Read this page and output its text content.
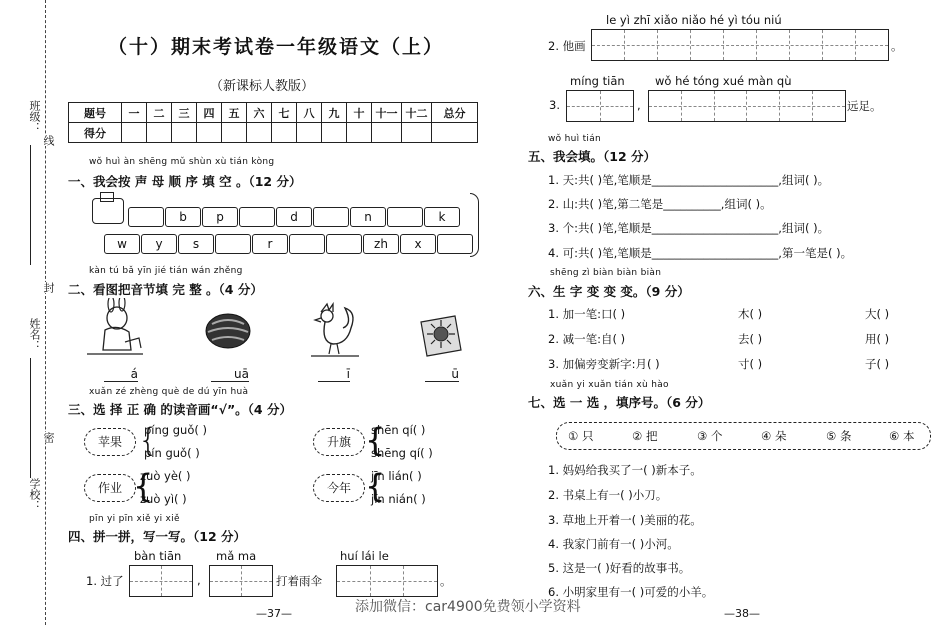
班级：
姓名：
学校：
线
封
密
（十）期末考试卷一年级语文（上）
（新课标人教版）
题号	一	二	三	四	五	六	七	八	九	十	十一	十二	总分
得分													
wǒ huì àn shēng mǔ shùn xù tián kòng
一、我会按 声 母 顺 序 填 空 。（12 分）
b	p	d	n	k
w	y	s	r	zh	x
kàn tú bǎ yīn jié tián wán zhěng
二、看图把音节填 完 整 。（4 分）
á	uā	ī	ū
xuǎn zé zhèng què de dú yīn huà
三、选 择 正 确 的读音画“√”。（4 分）
苹果 {
píng guǒ( )
pín guǒ( )
升旗 {
shēn qí( )
shēng qí( )
作业 {
zuò yè( )
zuò yì( )
今年 {
jīn lián( )
jīn nián( )
pīn yi pīn xiě yi xiě
四、拼一拼，写一写。（12 分）
bàn tiān	mǎ ma	huí lái le
1. 过了	,	打着雨伞	。
—37—
le yì zhī xiǎo niǎo hé yì tóu niú
2. 他画	。
míng tiān	wǒ hé tóng xué màn qù
3.	,	远足。
wǒ huì tián
五、我会填。（12 分）
1. 天:共( )笔,笔顺是______________________,组词( )。
2. 山:共( )笔,第二笔是__________,组词( )。
3. 个:共( )笔,笔顺是______________________,组词( )。
4. 可:共( )笔,笔顺是______________________,第一笔是( )。
shēng zì biàn biàn biàn
六、生 字 变 变 变。（9 分）
1. 加一笔:口( )	木( )	大( )
2. 减一笔:自( )	去( )	用( )
3. 加偏旁变新字:月( )	寸( )	子( )
xuǎn yi xuǎn tián xù hào
七、选 一 选 ，填序号。（6 分）
① 只	② 把	③ 个	④ 朵	⑤ 条	⑥ 本
1. 妈妈给我买了一( )新本子。
2. 书桌上有一( )小刀。
3. 草地上开着一( )美丽的花。
4. 我家门前有一( )小河。
5. 这是一( )好看的故事书。
6. 小明家里有一( )可爱的小羊。
—38—
添加微信：car4900免费领小学资料
